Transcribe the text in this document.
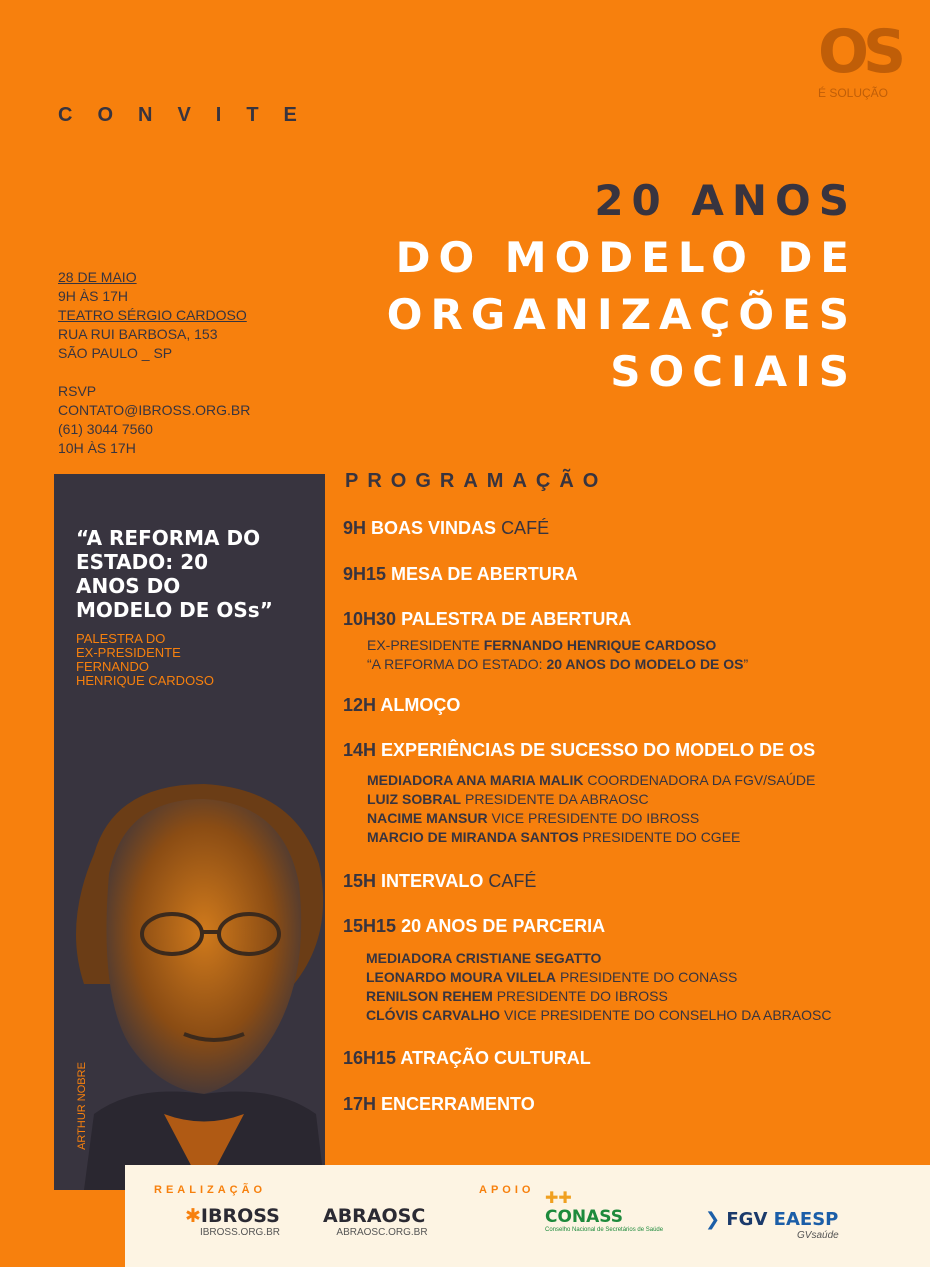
OS
É SOLUÇÃO
CONVITE
20 ANOS
DO MODELO DE
ORGANIZAÇÕES
SOCIAIS
28 DE MAIO
9H ÀS 17H
TEATRO SÉRGIO CARDOSO
RUA RUI BARBOSA, 153
SÃO PAULO _ SP
RSVP
CONTATO@IBROSS.ORG.BR
(61) 3044 7560
10H ÀS 17H
“A REFORMA DO
ESTADO: 20
ANOS DO
MODELO DE OSs”
PALESTRA DO
EX-PRESIDENTE
FERNANDO
HENRIQUE CARDOSO
ARTHUR NOBRE
PROGRAMAÇÃO
9H BOAS VINDAS CAFÉ
9H15 MESA DE ABERTURA
10H30 PALESTRA DE ABERTURA
EX-PRESIDENTE FERNANDO HENRIQUE CARDOSO
“A REFORMA DO ESTADO: 20 ANOS DO MODELO DE OS”
12H ALMOÇO
14H EXPERIÊNCIAS DE SUCESSO DO MODELO DE OS
MEDIADORA ANA MARIA MALIK COORDENADORA DA FGV/SAÚDE
LUIZ SOBRAL PRESIDENTE DA ABRAOSC
NACIME MANSUR VICE PRESIDENTE DO IBROSS
MARCIO DE MIRANDA SANTOS PRESIDENTE DO CGEE
15H INTERVALO CAFÉ
15H15 20 ANOS DE PARCERIA
MEDIADORA CRISTIANE SEGATTO
LEONARDO MOURA VILELA PRESIDENTE DO CONASS
RENILSON REHEM PRESIDENTE DO IBROSS
CLÓVIS CARVALHO VICE PRESIDENTE DO CONSELHO DA ABRAOSC
16H15 ATRAÇÃO CULTURAL
17H ENCERRAMENTO
REALIZAÇÃO	APOIO
✱IBROSS
IBROSS.ORG.BR
ABRAOSC
ABRAOSC.ORG.BR
✚✚
CONASS
Conselho Nacional de Secretários de Saúde	❯ FGV EAESP
GVsaúde
